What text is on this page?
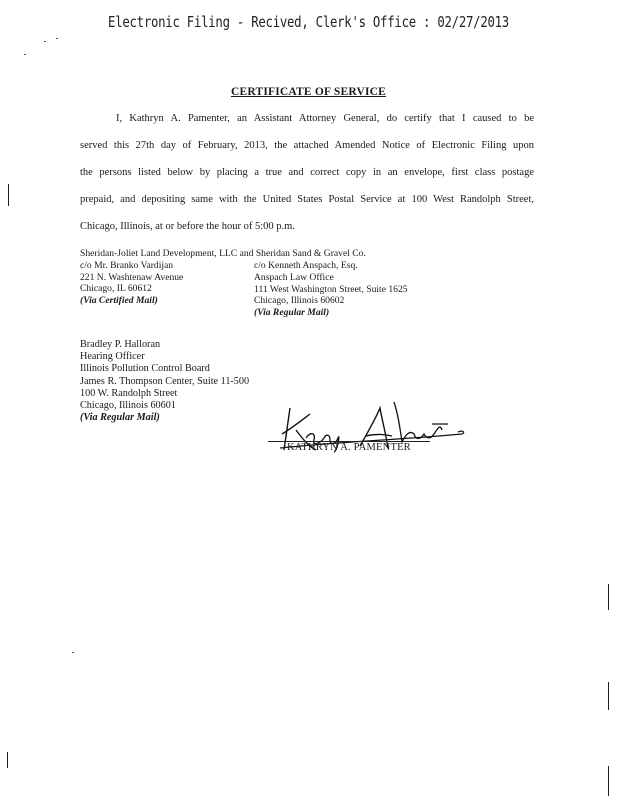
Electronic Filing - Recived, Clerk's Office : 02/27/2013
CERTIFICATE OF SERVICE
I, Kathryn A. Pamenter, an Assistant Attorney General, do certify that I caused to be
served this 27th day of February, 2013, the attached Amended Notice of Electronic Filing upon
the persons listed below by placing a true and correct copy in an envelope, first class postage
prepaid, and depositing same with the United States Postal Service at 100 West Randolph Street,
Chicago, Illinois, at or before the hour of 5:00 p.m.
Sheridan-Joliet Land Development, LLC and Sheridan Sand & Gravel Co.
c/o Mr. Branko Vardijan
221 N. Washtenaw Avenue
Chicago, IL 60612
(Via Certified Mail)
c/o Kenneth Anspach, Esq.
Anspach Law Office
111 West Washington Street, Suite 1625
Chicago, Illinois 60602
(Via Regular Mail)
Bradley P. Halloran
Hearing Officer
Illinois Pollution Control Board
James R. Thompson Center, Suite 11-500
100 W. Randolph Street
Chicago, Illinois 60601
(Via Regular Mail)
KATHRYN A. PAMENTER
